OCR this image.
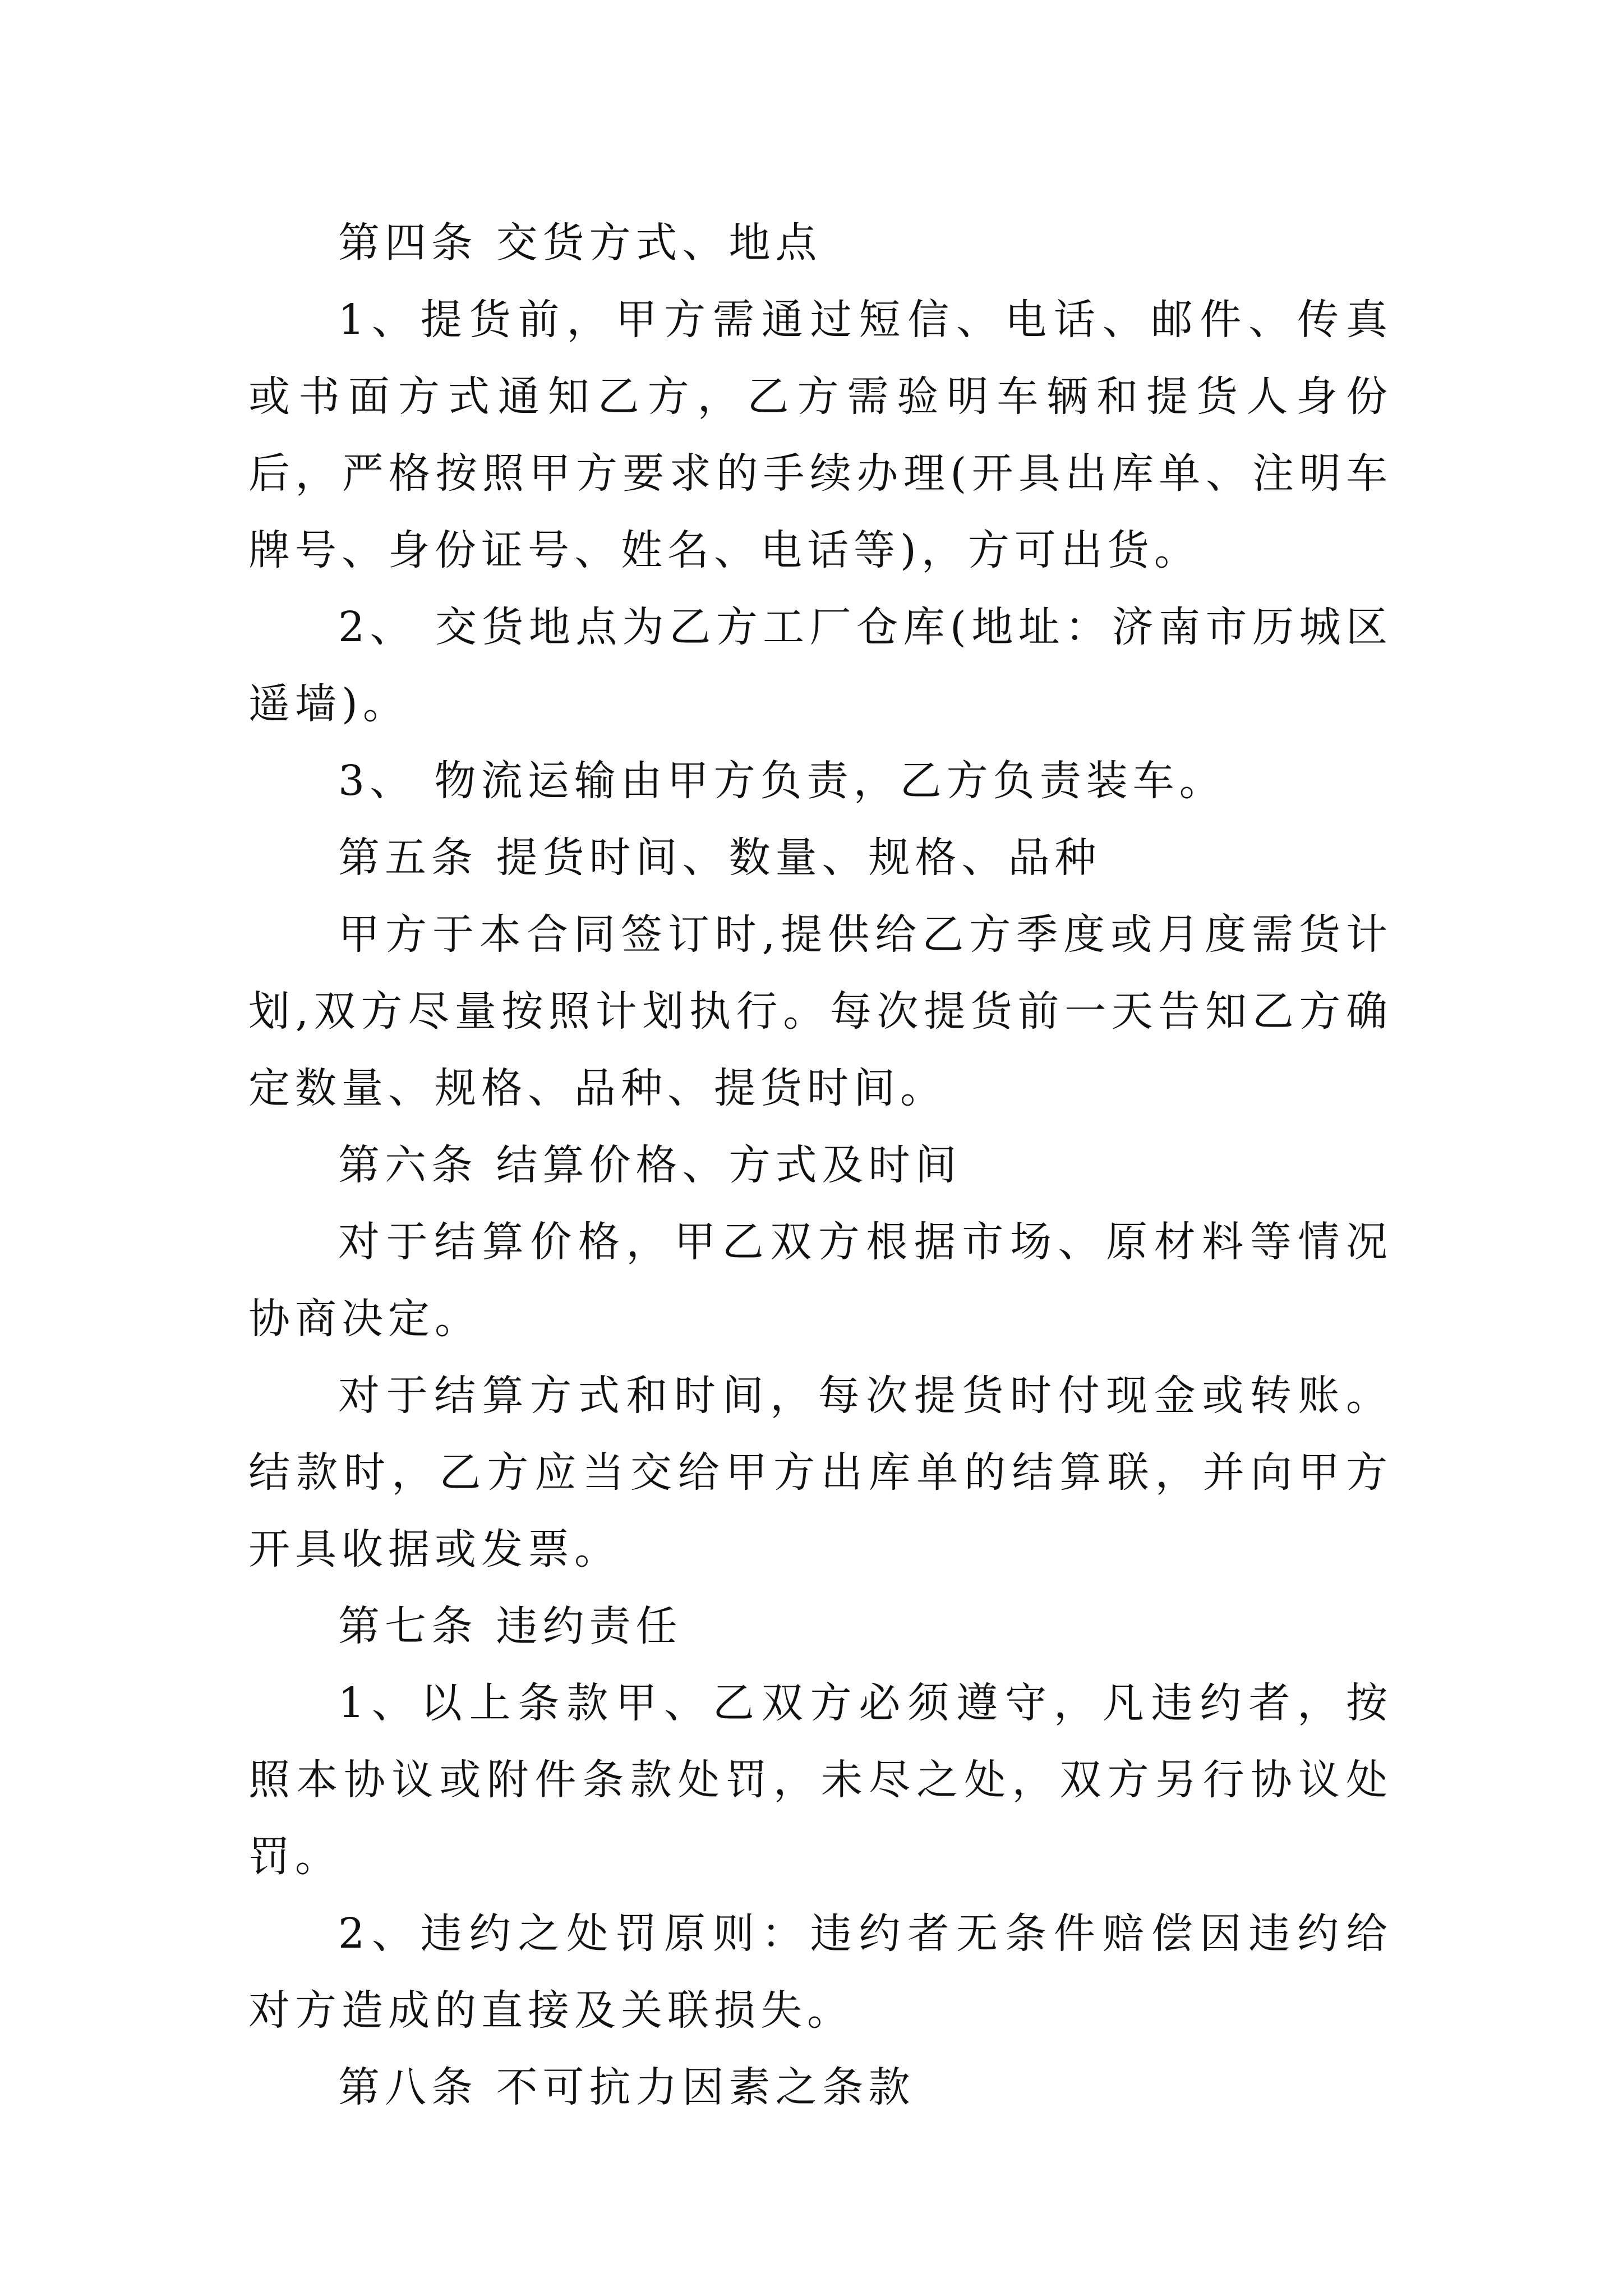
第四条 交货方式、地点

1、提货前，甲方需通过短信、电话、邮件、传真或书面方式通知乙方，乙方需验明车辆和提货人身份后，严格按照甲方要求的手续办理(开具出库单、注明车牌号、身份证号、姓名、电话等)，方可出货。

2、 交货地点为乙方工厂仓库(地址：济南市历城区遥墙)。

3、 物流运输由甲方负责，乙方负责装车。

第五条 提货时间、数量、规格、品种

甲方于本合同签订时,提供给乙方季度或月度需货计划,双方尽量按照计划执行。每次提货前一天告知乙方确定数量、规格、品种、提货时间。

第六条 结算价格、方式及时间

对于结算价格，甲乙双方根据市场、原材料等情况协商决定。

对于结算方式和时间，每次提货时付现金或转账。结款时，乙方应当交给甲方出库单的结算联，并向甲方开具收据或发票。

第七条 违约责任

1、以上条款甲、乙双方必须遵守，凡违约者，按照本协议或附件条款处罚，未尽之处，双方另行协议处罚。

2、违约之处罚原则：违约者无条件赔偿因违约给对方造成的直接及关联损失。

第八条 不可抗力因素之条款
